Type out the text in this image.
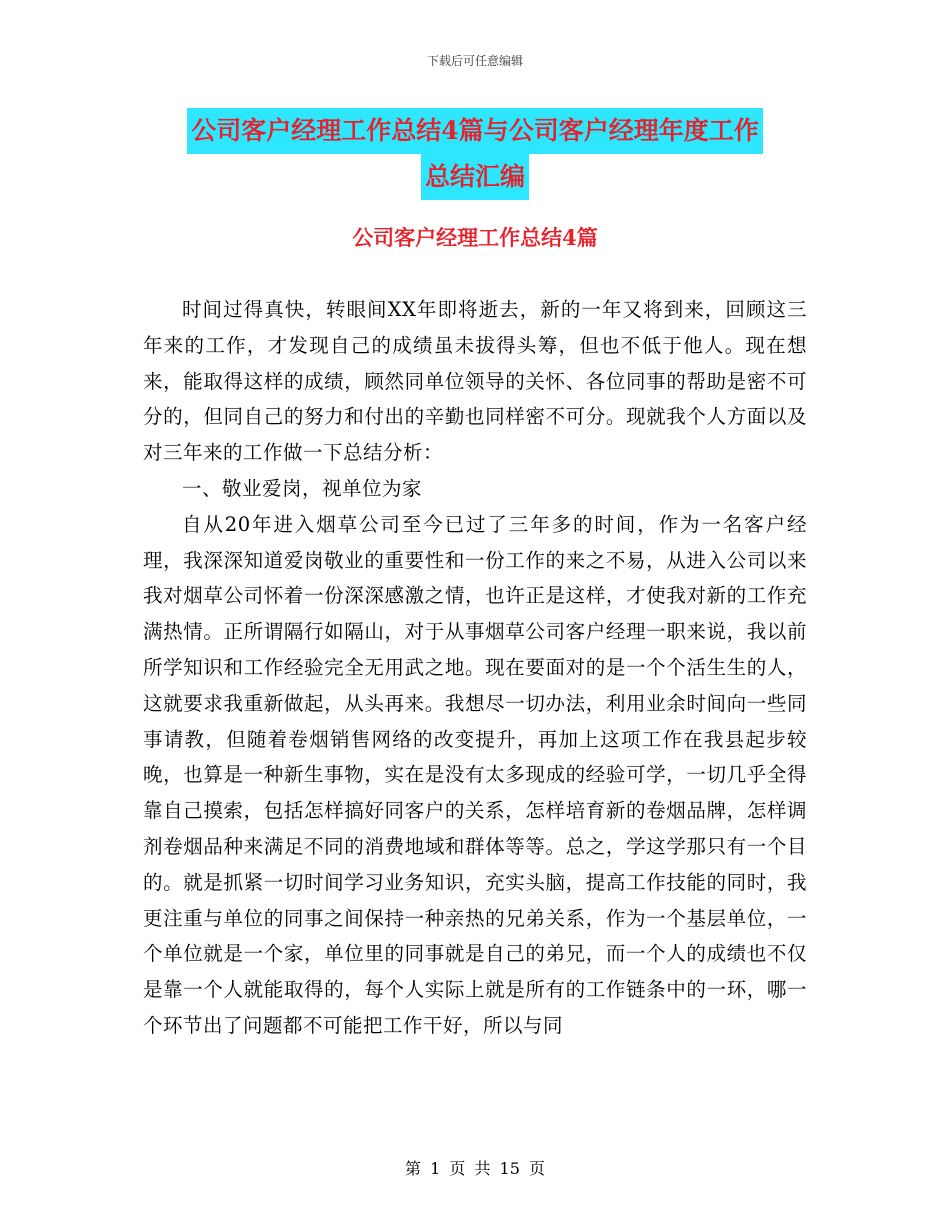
下载后可任意编辑
公司客户经理工作总结4篇与公司客户经理年度工作
总结汇编
公司客户经理工作总结4篇

时间过得真快，转眼间XX年即将逝去，新的一年又将到来，回顾这三年来的工作，才发现自己的成绩虽未拔得头筹，但也不低于他人。现在想来，能取得这样的成绩，顾然同单位领导的关怀、各位同事的帮助是密不可分的，但同自己的努力和付出的辛勤也同样密不可分。现就我个人方面以及对三年来的工作做一下总结分析：

一、敬业爱岗，视单位为家

自从20年进入烟草公司至今已过了三年多的时间，作为一名客户经理，我深深知道爱岗敬业的重要性和一份工作的来之不易，从进入公司以来我对烟草公司怀着一份深深感激之情，也许正是这样，才使我对新的工作充满热情。正所谓隔行如隔山，对于从事烟草公司客户经理一职来说，我以前所学知识和工作经验完全无用武之地。现在要面对的是一个个活生生的人，这就要求我重新做起，从头再来。我想尽一切办法，利用业余时间向一些同事请教，但随着卷烟销售网络的改变提升，再加上这项工作在我县起步较晚，也算是一种新生事物，实在是没有太多现成的经验可学，一切几乎全得靠自己摸索，包括怎样搞好同客户的关系，怎样培育新的卷烟品牌，怎样调剂卷烟品种来满足不同的消费地域和群体等等。总之，学这学那只有一个目的。就是抓紧一切时间学习业务知识，充实头脑，提高工作技能的同时，我更注重与单位的同事之间保持一种亲热的兄弟关系，作为一个基层单位，一个单位就是一个家，单位里的同事就是自己的弟兄，而一个人的成绩也不仅是靠一个人就能取得的，每个人实际上就是所有的工作链条中的一环，哪一个环节出了问题都不可能把工作干好，所以与同

第 1 页 共 15 页
